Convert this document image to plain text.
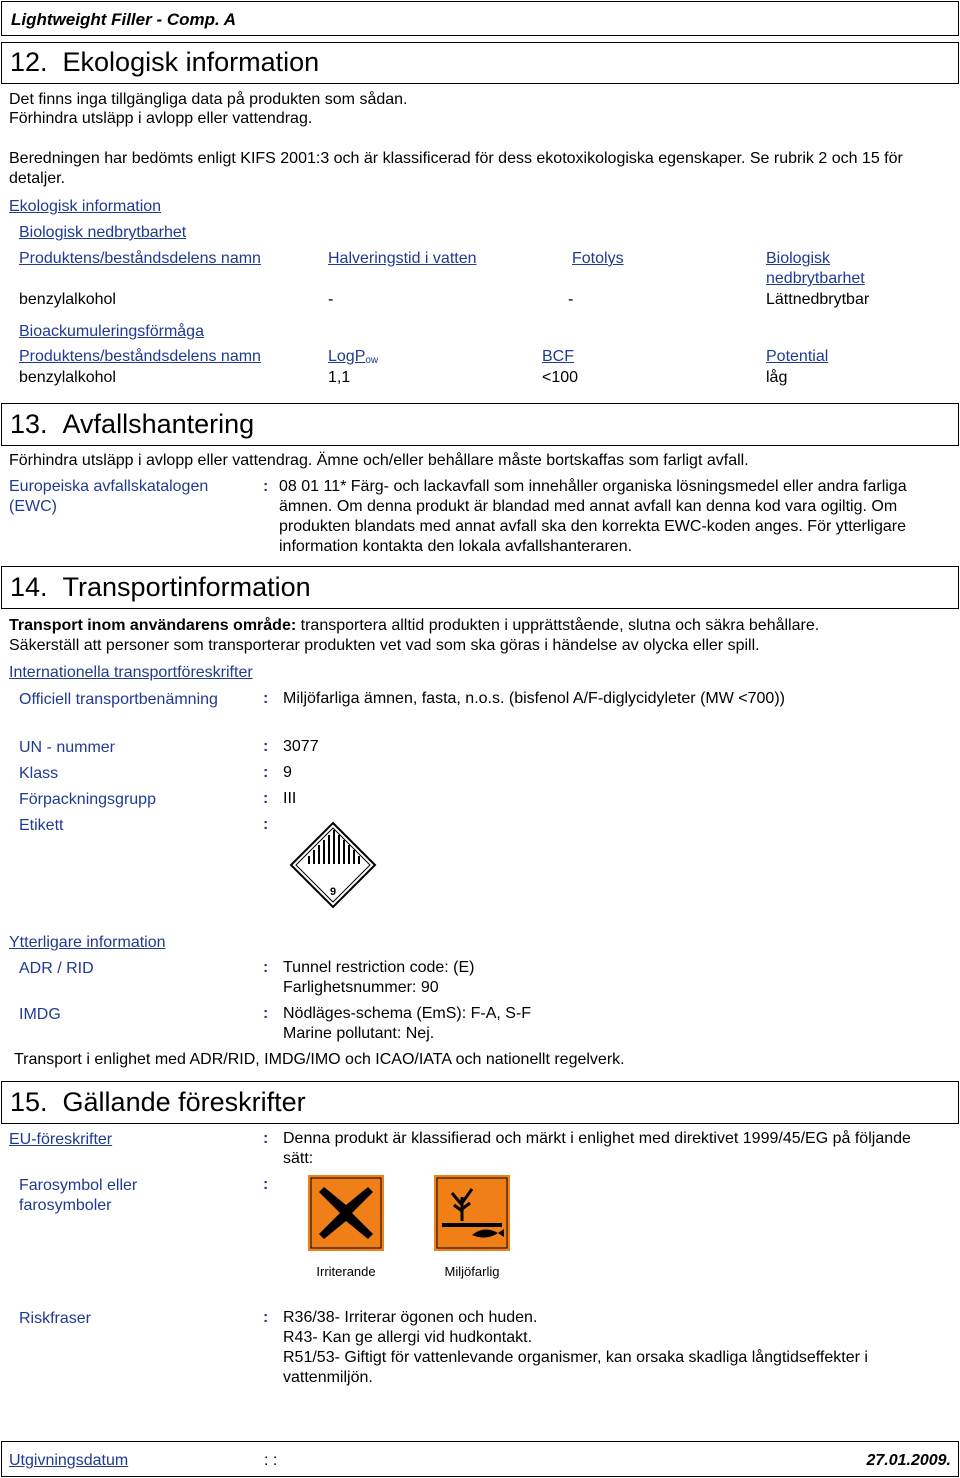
Lightweight Filler - Comp. A
12.  Ekologisk information
Det finns inga tillgängliga data på produkten som sådan.
Förhindra utsläpp i avlopp eller vattendrag.
Beredningen har bedömts enligt KIFS 2001:3 och är klassificerad för dess ekotoxikologiska egenskaper. Se rubrik 2 och 15 för detaljer.
Ekologisk information
Biologisk nedbrytbarhet
Produktens/beståndsdelens namn	Halveringstid i vatten	Fotolys	Biologisk nedbrytbarhet
benzylalkohol	-	-	Lättnedbrytbar
Bioackumuleringsförmåga
Produktens/beståndsdelens namn	LogP$_{ow}$	BCF	Potential
benzylalkohol	1,1	<100	låg
13.  Avfallshantering
Förhindra utsläpp i avlopp eller vattendrag. Ämne och/eller behållare måste bortskaffas som farligt avfall.
Europeiska avfallskatalogen (EWC)
: 08 01 11* Färg- och lackavfall som innehåller organiska lösningsmedel eller andra farliga ämnen. Om denna produkt är blandad med annat avfall kan denna kod vara ogiltig. Om produkten blandats med annat avfall ska den korrekta EWC-koden anges. För ytterligare information kontakta den lokala avfallshanteraren.
14.  Transportinformation
Transport inom användarens område: transportera alltid produkten i upprättstående, slutna och säkra behållare.
Säkerställ att personer som transporterar produkten vet vad som ska göras i händelse av olycka eller spill.
Internationella transportföreskrifter
Officiell transportbenämning	: Miljöfarliga ämnen, fasta, n.o.s. (bisfenol A/F-diglycidyleter (MW <700))
UN - nummer	: 3077
Klass	: 9
Förpackningsgrupp	: III
Etikett	:
9
Ytterligare information
ADR / RID	: Tunnel restriction code: (E)
Farlighetsnummer: 90
IMDG	: Nödläges-schema (EmS): F-A, S-F
Marine pollutant: Nej.
Transport i enlighet med ADR/RID, IMDG/IMO och ICAO/IATA och nationellt regelverk.
15.  Gällande föreskrifter
EU-föreskrifter	: Denna produkt är klassifierad och märkt i enlighet med direktivet 1999/45/EG på följande sätt:
Farosymbol eller farosymboler
:
Irriterande	Miljöfarlig
Riskfraser	: R36/38- Irriterar ögonen och huden.
R43- Kan ge allergi vid hudkontakt.
R51/53- Giftigt för vattenlevande organismer, kan orsaka skadliga långtidseffekter i vattenmiljön.
Utgivningsdatum	: :	27.01.2009.
